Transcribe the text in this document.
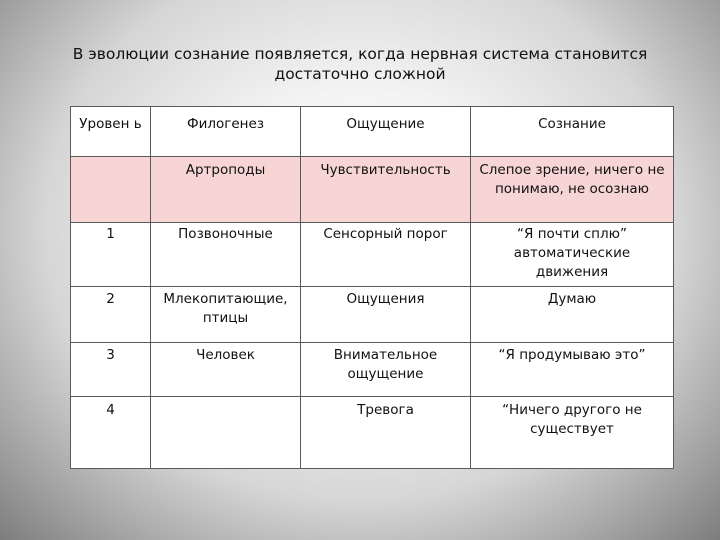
В эволюции сознание появляется, когда нервная система становится
достаточно сложной
Уровен ь	Филогенез	Ощущение	Сознание
	Артроподы	Чувствительность	Слепое зрение, ничего не понимаю, не осознаю
1	Позвоночные	Сенсорный порог	“Я почти сплю” автоматические движения
2	Млекопитающие, птицы	Ощущения	Думаю
3	Человек	Внимательное ощущение	“Я продумываю это”
4		Тревога	“Ничего другого не существует
